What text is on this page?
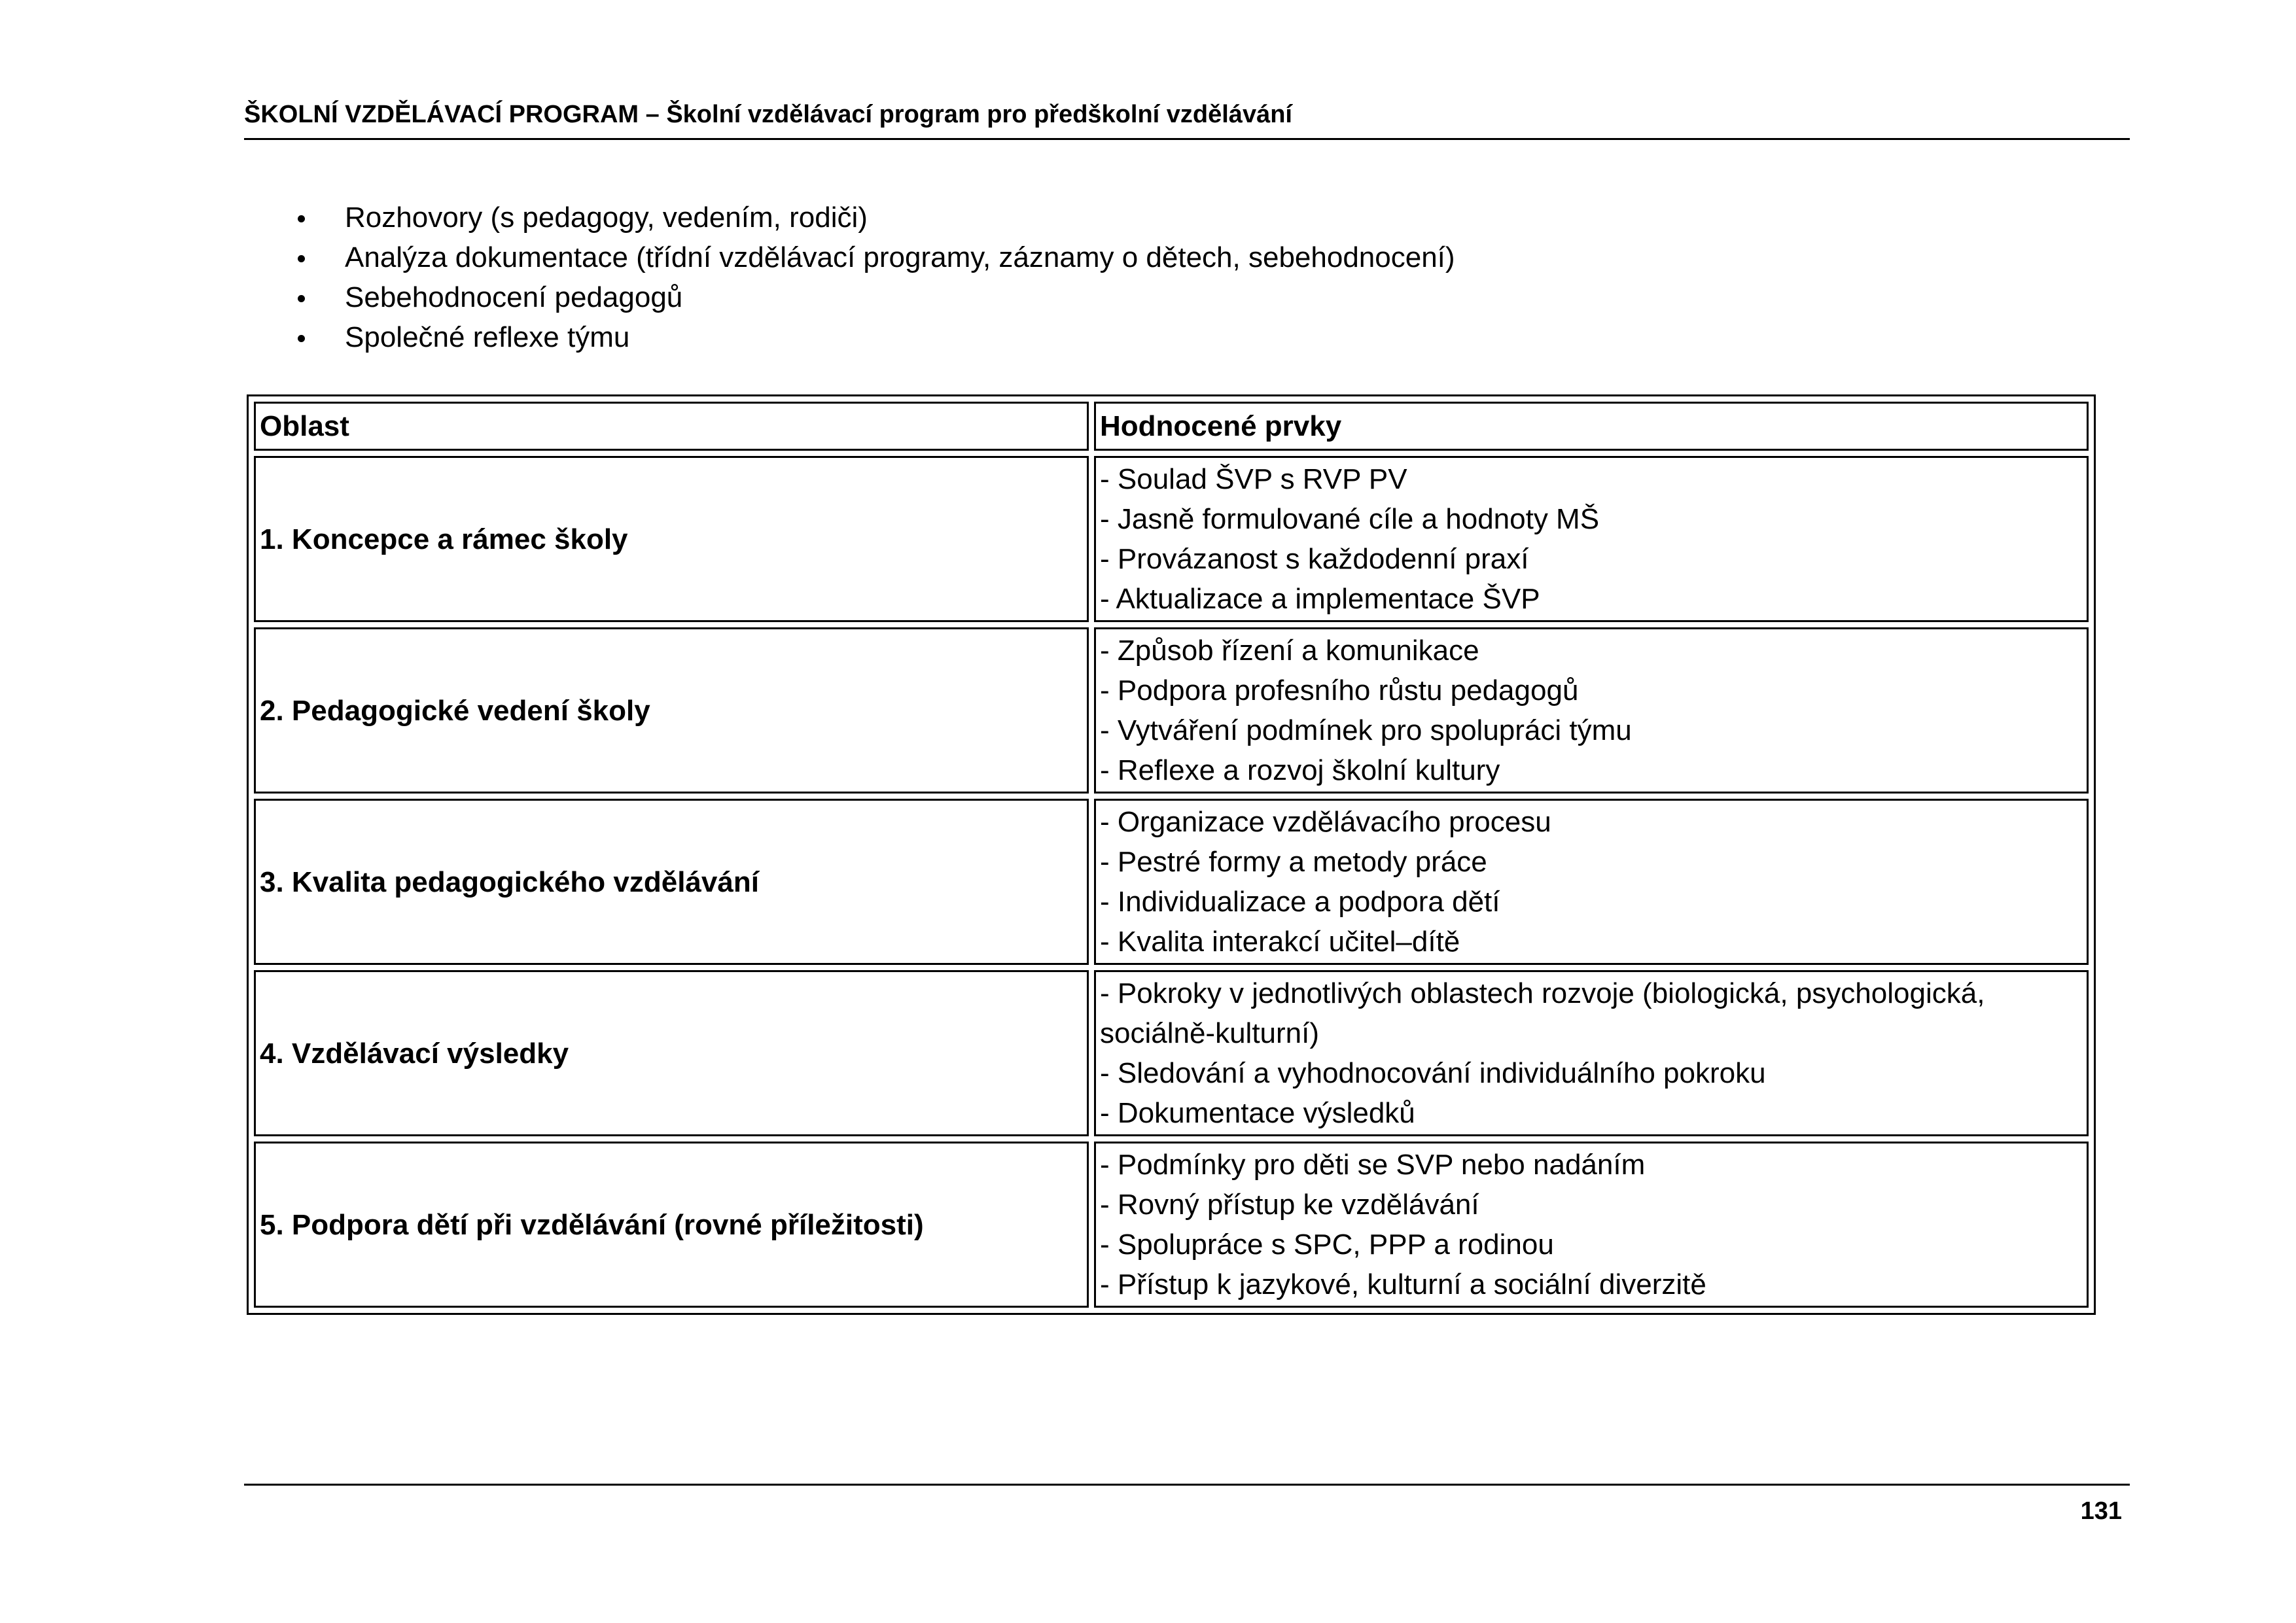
ŠKOLNÍ VZDĚLÁVACÍ PROGRAM – Školní vzdělávací program pro předškolní vzdělávání
Rozhovory (s pedagogy, vedením, rodiči)
Analýza dokumentace (třídní vzdělávací programy, záznamy o dětech, sebehodnocení)
Sebehodnocení pedagogů
Společné reflexe týmu
Oblast	Hodnocené prvky
1. Koncepce a rámec školy	- Soulad ŠVP s RVP PV
- Jasně formulované cíle a hodnoty MŠ
- Provázanost s každodenní praxí
- Aktualizace a implementace ŠVP

2. Pedagogické vedení školy	- Způsob řízení a komunikace
- Podpora profesního růstu pedagogů
- Vytváření podmínek pro spolupráci týmu
- Reflexe a rozvoj školní kultury

3. Kvalita pedagogického vzdělávání	- Organizace vzdělávacího procesu
- Pestré formy a metody práce
- Individualizace a podpora dětí
- Kvalita interakcí učitel–dítě

4. Vzdělávací výsledky	- Pokroky v jednotlivých oblastech rozvoje (biologická, psychologická,
sociálně-kulturní)
- Sledování a vyhodnocování individuálního pokroku
- Dokumentace výsledků

5. Podpora dětí při vzdělávání (rovné příležitosti)	- Podmínky pro děti se SVP nebo nadáním
- Rovný přístup ke vzdělávání
- Spolupráce s SPC, PPP a rodinou
- Přístup k jazykové, kulturní a sociální diverzitě
131
